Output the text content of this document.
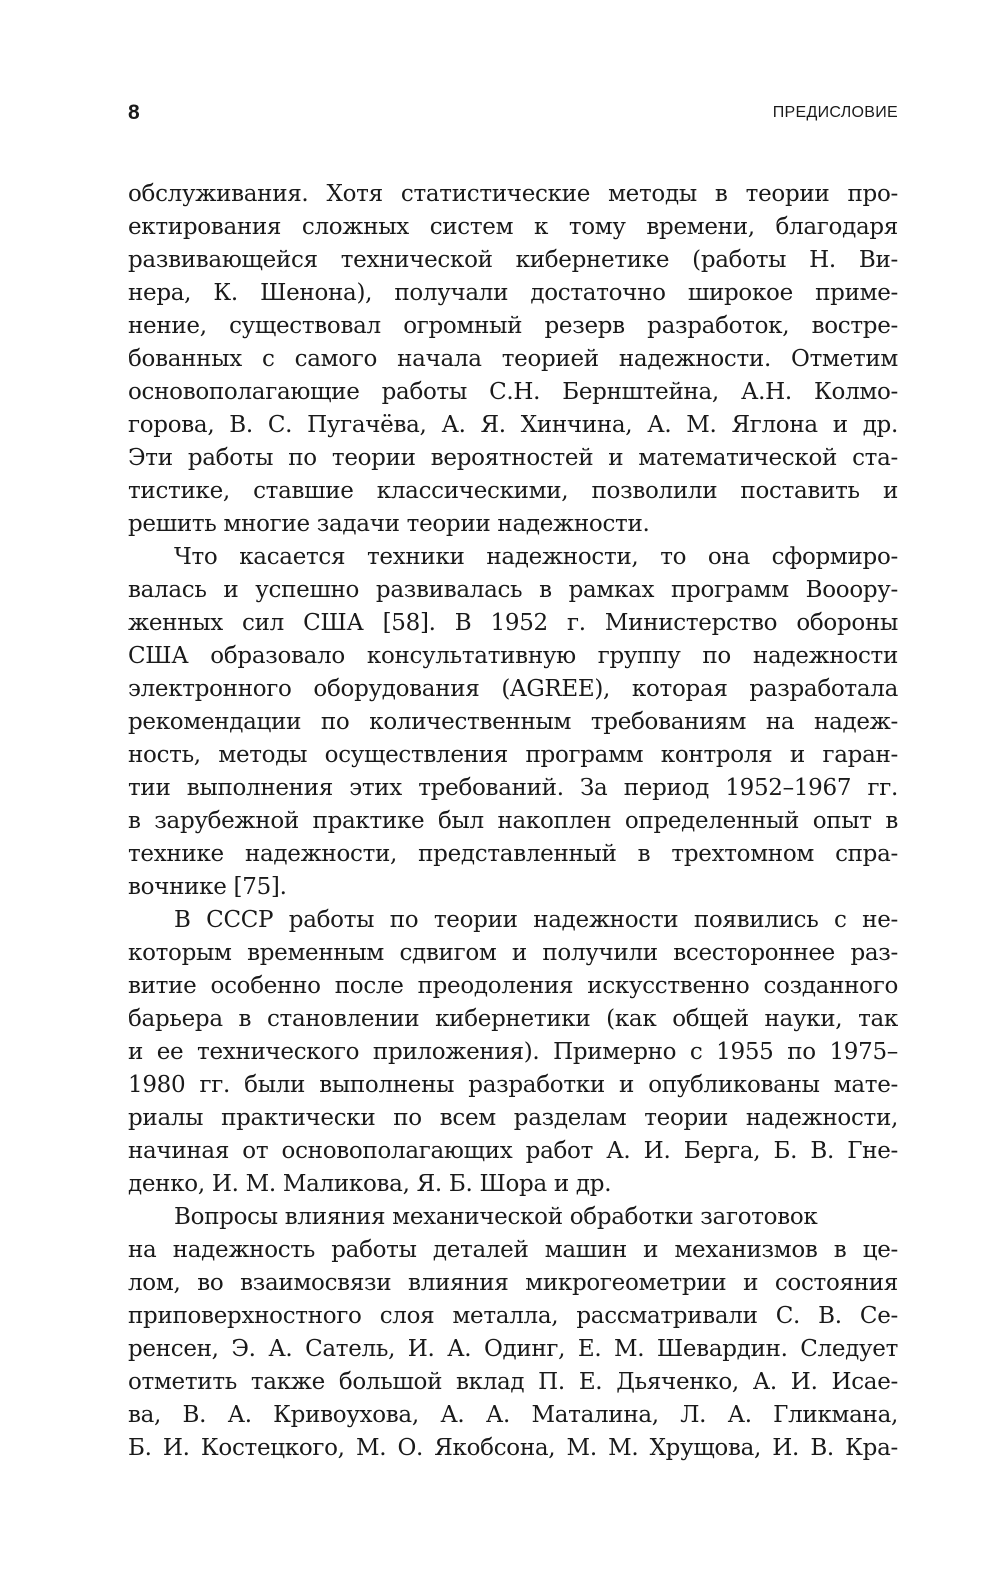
8	ПРЕДИСЛОВИЕ

обслуживания. Хотя статистические методы в теории про-
ектирования сложных систем к тому времени, благодаря
развивающейся технической кибернетике (работы Н. Ви-
нера, К. Шенона), получали достаточно широкое приме-
нение, существовал огромный резерв разработок, востре-
бованных с самого начала теорией надежности. Отметим
основополагающие работы С.Н. Бернштейна, А.Н. Колмо-
горова, В. С. Пугачёва, А. Я. Хинчина, А. М. Яглона и др.
Эти работы по теории вероятностей и математической ста-
тистике, ставшие классическими, позволили поставить и
решить многие задачи теории надежности.

Что касается техники надежности, то она сформиро-
валась и успешно развивалась в рамках программ Вооору-
женных сил США [58]. В 1952 г. Министерство обороны
США образовало консультативную группу по надежности
электронного оборудования (AGREE), которая разработала
рекомендации по количественным требованиям на надеж-
ность, методы осуществления программ контроля и гаран-
тии выполнения этих требований. За период 1952–1967 гг.
в зарубежной практике был накоплен определенный опыт в
технике надежности, представленный в трехтомном спра-
вочнике [75].

В СССР работы по теории надежности появились с не-
которым временным сдвигом и получили всестороннее раз-
витие особенно после преодоления искусственно созданного
барьера в становлении кибернетики (как общей науки, так
и ее технического приложения). Примерно с 1955 по 1975–
1980 гг. были выполнены разработки и опубликованы мате-
риалы практически по всем разделам теории надежности,
начиная от основополагающих работ А. И. Берга, Б. В. Гне-
денко, И. М. Маликова, Я. Б. Шора и др.

Вопросы влияния механической обработки заготовок
на надежность работы деталей машин и механизмов в це-
лом, во взаимосвязи влияния микрогеометрии и состояния
приповерхностного слоя металла, рассматривали С. В. Се-
ренсен, Э. А. Сатель, И. А. Одинг, Е. М. Шевардин. Следует
отметить также большой вклад П. Е. Дьяченко, А. И. Исае-
ва, В. А. Кривоухова, А. А. Маталина, Л. А. Гликмана,
Б. И. Костецкого, М. О. Якобсона, М. М. Хрущова, И. В. Кра-
